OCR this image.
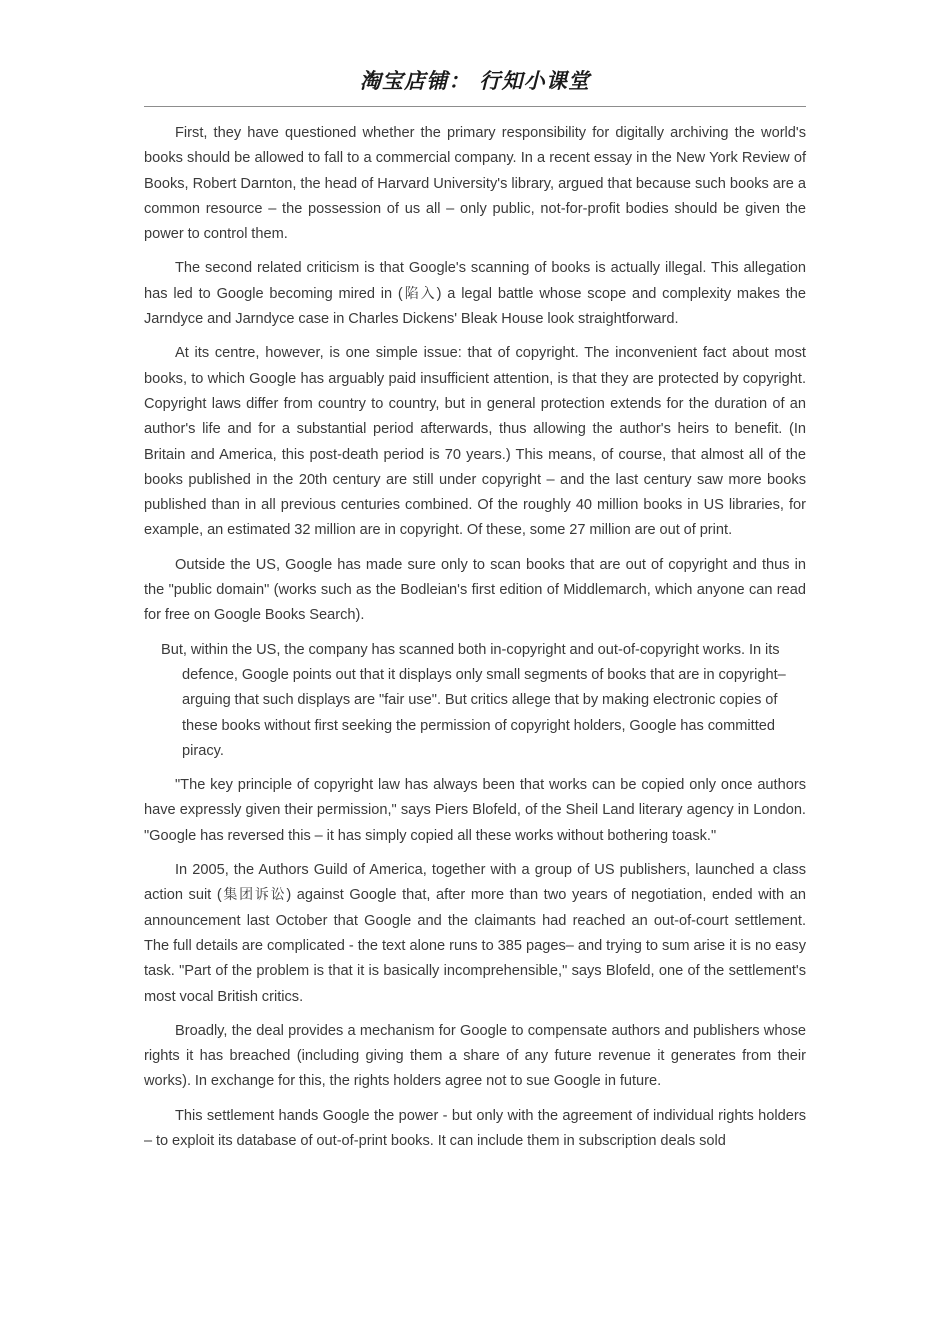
淘宝店铺： 行知小课堂

First, they have questioned whether the primary responsibility for digitally archiving the world's books should be allowed to fall to a commercial company. In a recent essay in the New York Review of Books, Robert Darnton, the head of Harvard University's library, argued that because such books are a common resource – the possession of us all – only public, not-for-profit bodies should be given the power to control them.

The second related criticism is that Google's scanning of books is actually illegal. This allegation has led to Google becoming mired in (陷入) a legal battle whose scope and complexity makes the Jarndyce and Jarndyce case in Charles Dickens' Bleak House look straightforward.

At its centre, however, is one simple issue: that of copyright. The inconvenient fact about most books, to which Google has arguably paid insufficient attention, is that they are protected by copyright. Copyright laws differ from country to country, but in general protection extends for the duration of an author's life and for a substantial period afterwards, thus allowing the author's heirs to benefit. (In Britain and America, this post-death period is 70 years.) This means, of course, that almost all of the books published in the 20th century are still under copyright – and the last century saw more books published than in all previous centuries combined. Of the roughly 40 million books in US libraries, for example, an estimated 32 million are in copyright. Of these, some 27 million are out of print.

Outside the US, Google has made sure only to scan books that are out of copyright and thus in the "public domain" (works such as the Bodleian's first edition of Middlemarch, which anyone can read for free on Google Books Search).

But, within the US, the company has scanned both in-copyright and out-of-copyright works. In its defence, Google points out that it displays only small segments of books that are in copyright– arguing that such displays are "fair use". But critics allege that by making electronic copies of these books without first seeking the permission of copyright holders, Google has committed piracy.

"The key principle of copyright law has always been that works can be copied only once authors have expressly given their permission," says Piers Blofeld, of the Sheil Land literary agency in London. "Google has reversed this – it has simply copied all these works without bothering toask."

In 2005, the Authors Guild of America, together with a group of US publishers, launched a class action suit (集团诉讼) against Google that, after more than two years of negotiation, ended with an announcement last October that Google and the claimants had reached an out-of-court settlement. The full details are complicated - the text alone runs to 385 pages– and trying to sum arise it is no easy task. "Part of the problem is that it is basically incomprehensible," says Blofeld, one of the settlement's most vocal British critics.

Broadly, the deal provides a mechanism for Google to compensate authors and publishers whose rights it has breached (including giving them a share of any future revenue it generates from their works). In exchange for this, the rights holders agree not to sue Google in future.

This settlement hands Google the power - but only with the agreement of individual rights holders – to exploit its database of out-of-print books. It can include them in subscription deals sold
